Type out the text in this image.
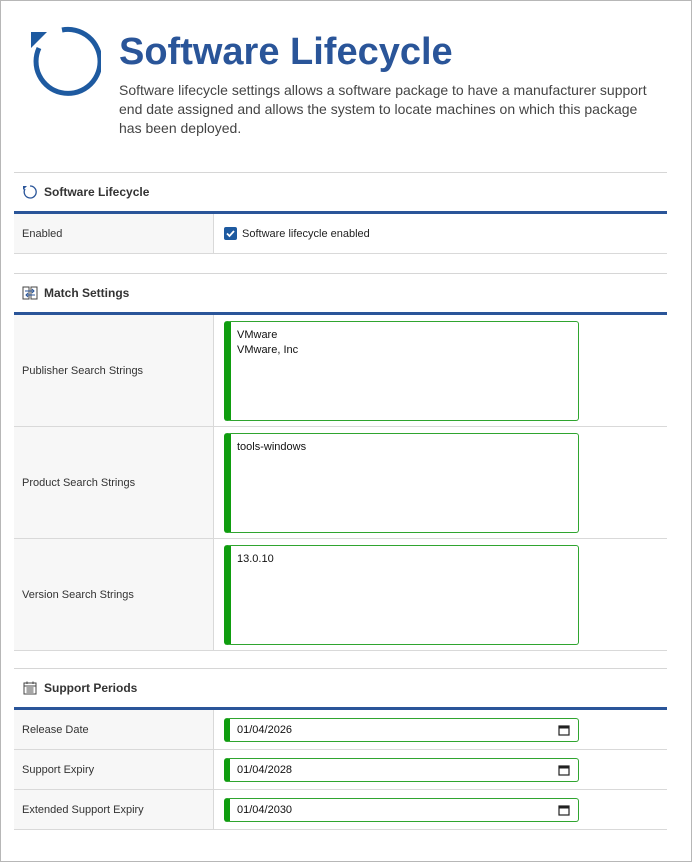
Software Lifecycle
Software lifecycle settings allows a software package to have a manufacturer support end date assigned and allows the system to locate machines on which this package has been deployed.
Software Lifecycle
Enabled	Software lifecycle enabled
Match Settings
Publisher Search Strings
VMware
VMware, Inc
Product Search Strings
tools-windows
Version Search Strings
13.0.10
Support Periods
Release Date	01/04/2026
Support Expiry	01/04/2028
Extended Support Expiry	01/04/2030
